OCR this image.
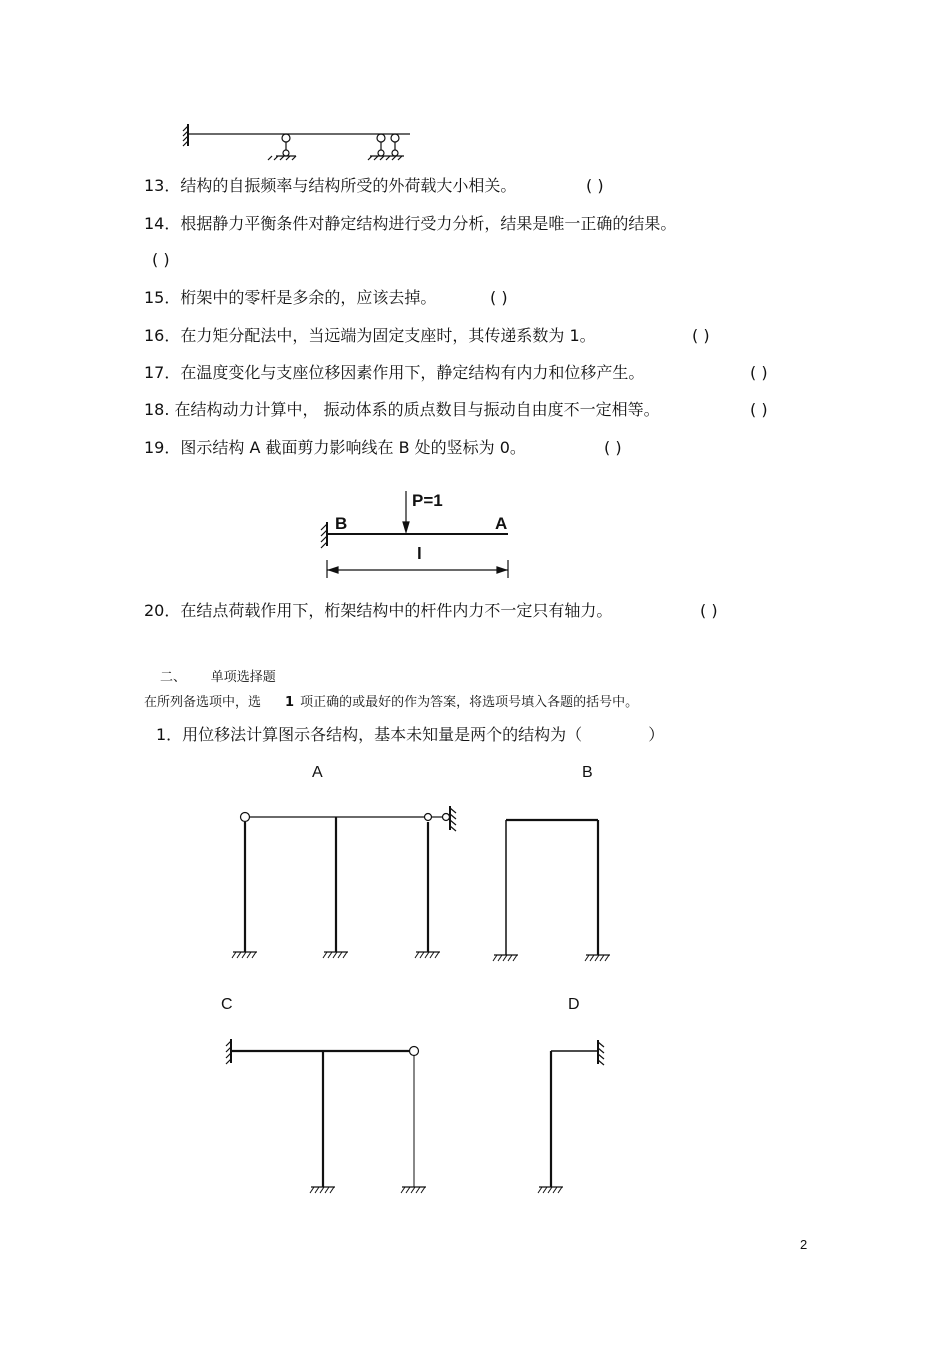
13．结构的自振频率与结构所受的外荷载大小相关。	( )
14．根据静力平衡条件对静定结构进行受力分析，结果是唯一正确的结果。
( )
15．桁架中的零杆是多余的，应该去掉。	( )
16．在力矩分配法中，当远端为固定支座时，其传递系数为 1。	( )
17．在温度变化与支座位移因素作用下，静定结构有内力和位移产生。	( )
18. 在结构动力计算中， 振动体系的质点数目与振动自由度不一定相等。	( )
19．图示结构 A 截面剪力影响线在 B 处的竖标为 0。	( )
P=1
B	A
l
20．在结点荷载作用下，桁架结构中的杆件内力不一定只有轴力。	( )
二、      单项选择题
在所列备选项中，选 1 项正确的或最好的作为答案，将选项号填入各题的括号中。
1．用位移法计算图示各结构，基本未知量是两个的结构为（             ）
A	B
C	D
2
